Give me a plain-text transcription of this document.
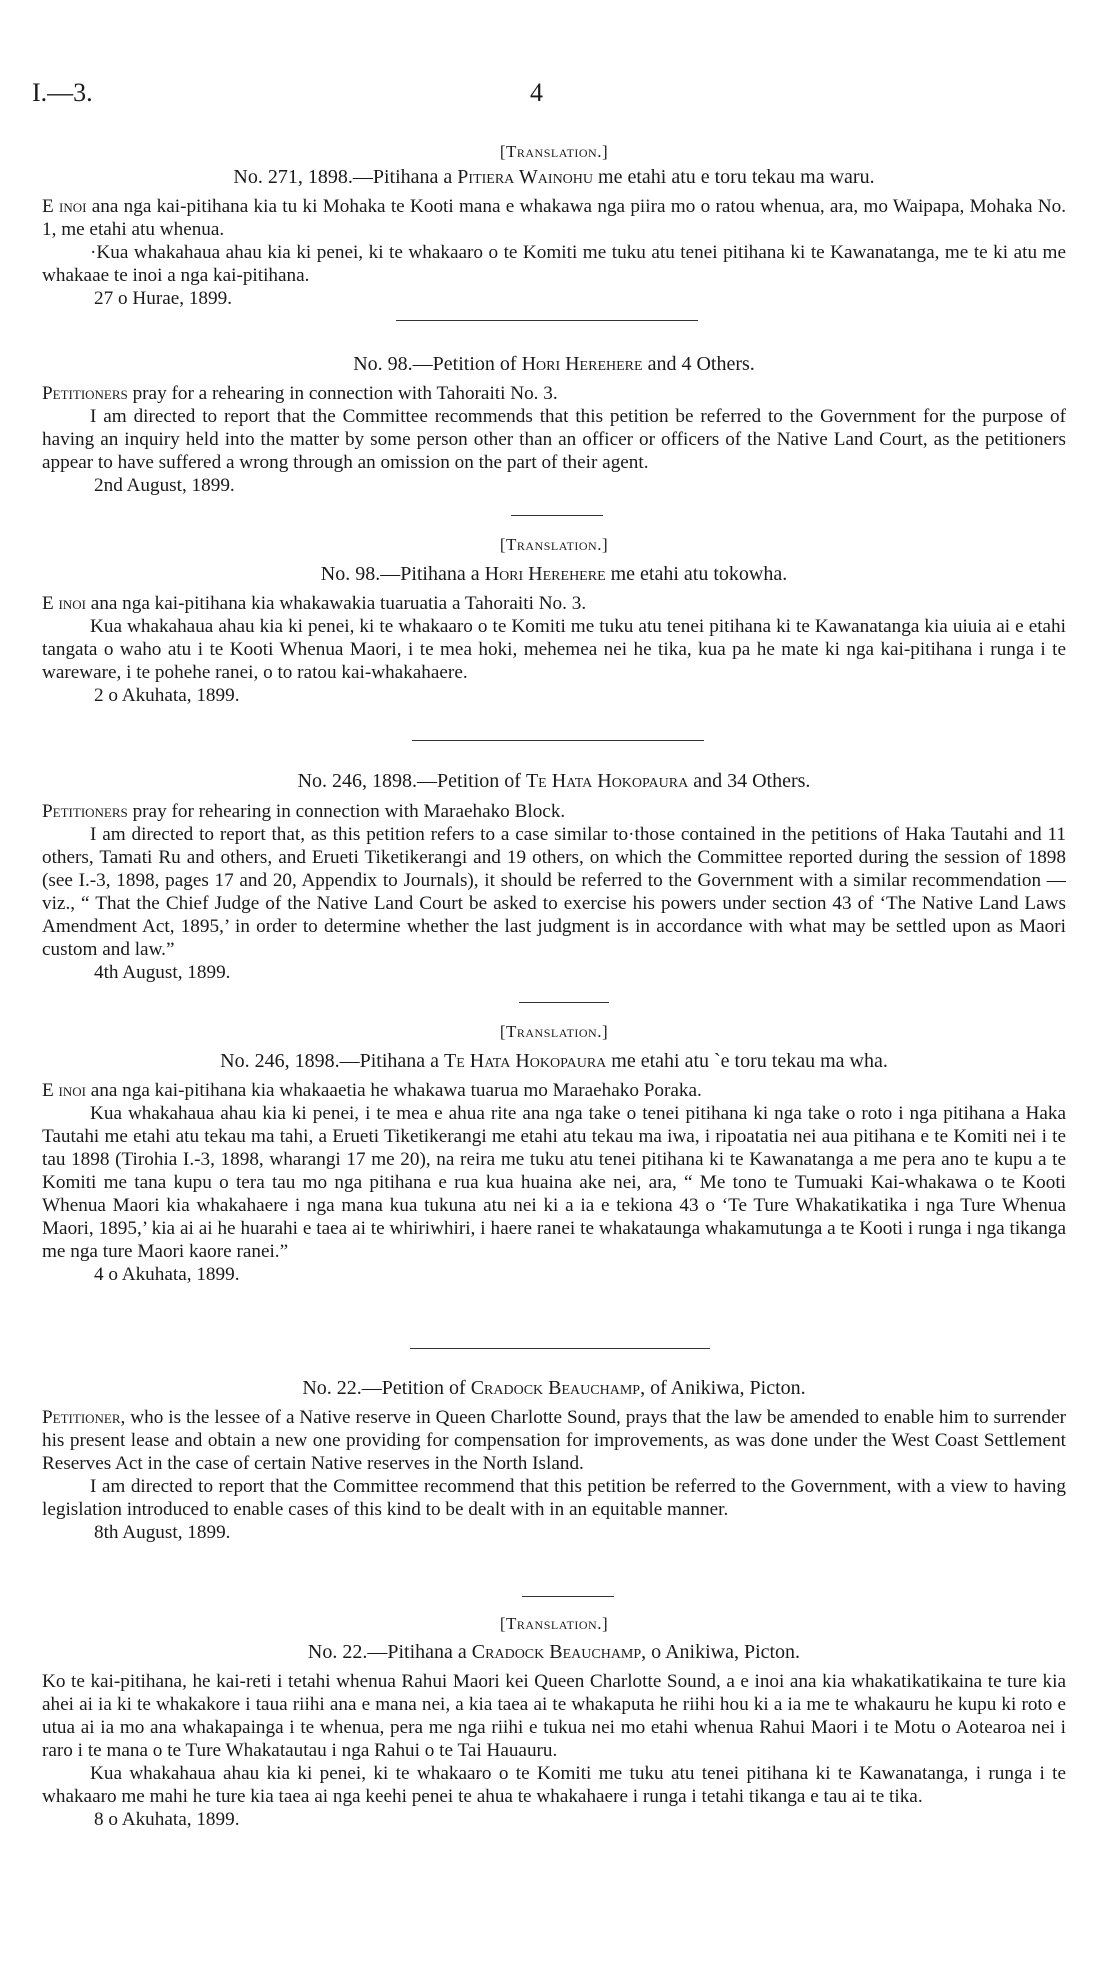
I.—3.	4
[Translation.]
No. 271, 1898.—Pitihana a Pitiera Wainohu me etahi atu e toru tekau ma waru.

E inoi ana nga kai-pitihana kia tu ki Mohaka te Kooti mana e whakawa nga piira mo o ratou whenua, ara, mo Waipapa, Mohaka No. 1, me etahi atu whenua.

·Kua whakahaua ahau kia ki penei, ki te whakaaro o te Komiti me tuku atu tenei pitihana ki te Kawanatanga, me te ki atu me whakaae te inoi a nga kai-pitihana.

27 o Hurae, 1899.
No. 98.—Petition of Hori Herehere and 4 Others.

Petitioners pray for a rehearing in connection with Tahoraiti No. 3.

I am directed to report that the Committee recommends that this petition be referred to the Government for the purpose of having an inquiry held into the matter by some person other than an officer or officers of the Native Land Court, as the petitioners appear to have suffered a wrong through an omission on the part of their agent.

2nd August, 1899.
[Translation.]
No. 98.—Pitihana a Hori Herehere me etahi atu tokowha.

E inoi ana nga kai-pitihana kia whakawakia tuaruatia a Tahoraiti No. 3.

Kua whakahaua ahau kia ki penei, ki te whakaaro o te Komiti me tuku atu tenei pitihana ki te Kawanatanga kia uiuia ai e etahi tangata o waho atu i te Kooti Whenua Maori, i te mea hoki, mehemea nei he tika, kua pa he mate ki nga kai-pitihana i runga i te wareware, i te pohehe ranei, o to ratou kai-whakahaere.

2 o Akuhata, 1899.
No. 246, 1898.—Petition of Te Hata Hokopaura and 34 Others.

Petitioners pray for rehearing in connection with Maraehako Block.

I am directed to report that, as this petition refers to a case similar to·those contained in the petitions of Haka Tautahi and 11 others, Tamati Ru and others, and Erueti Tiketikerangi and 19 others, on which the Committee reported during the session of 1898 (see I.-3, 1898, pages 17 and 20, Appendix to Journals), it should be referred to the Government with a similar recommendation —viz., “ That the Chief Judge of the Native Land Court be asked to exercise his powers under section 43 of ‘The Native Land Laws Amendment Act, 1895,’ in order to determine whether the last judgment is in accordance with what may be settled upon as Maori custom and law.”

4th August, 1899.
[Translation.]
No. 246, 1898.—Pitihana a Te Hata Hokopaura me etahi atu ˋe toru tekau ma wha.

E inoi ana nga kai-pitihana kia whakaaetia he whakawa tuarua mo Maraehako Poraka.

Kua whakahaua ahau kia ki penei, i te mea e ahua rite ana nga take o tenei pitihana ki nga take o roto i nga pitihana a Haka Tautahi me etahi atu tekau ma tahi, a Erueti Tiketikerangi me etahi atu tekau ma iwa, i ripoatatia nei aua pitihana e te Komiti nei i te tau 1898 (Tirohia I.-3, 1898, wharangi 17 me 20), na reira me tuku atu tenei pitihana ki te Kawanatanga a me pera ano te kupu a te Komiti me tana kupu o tera tau mo nga pitihana e rua kua huaina ake nei, ara, “ Me tono te Tumuaki Kai-whakawa o te Kooti Whenua Maori kia whakahaere i nga mana kua tukuna atu nei ki a ia e tekiona 43 o ‘Te Ture Whakatikatika i nga Ture Whenua Maori, 1895,’ kia ai ai he huarahi e taea ai te whiriwhiri, i haere ranei te whakataunga whakamutunga a te Kooti i runga i nga tikanga me nga ture Maori kaore ranei.”

4 o Akuhata, 1899.
No. 22.—Petition of Cradock Beauchamp, of Anikiwa, Picton.

Petitioner, who is the lessee of a Native reserve in Queen Charlotte Sound, prays that the law be amended to enable him to surrender his present lease and obtain a new one providing for compensation for improvements, as was done under the West Coast Settlement Reserves Act in the case of certain Native reserves in the North Island.

I am directed to report that the Committee recommend that this petition be referred to the Government, with a view to having legislation introduced to enable cases of this kind to be dealt with in an equitable manner.

8th August, 1899.
[Translation.]
No. 22.—Pitihana a Cradock Beauchamp, o Anikiwa, Picton.

Ko te kai-pitihana, he kai-reti i tetahi whenua Rahui Maori kei Queen Charlotte Sound, a e inoi ana kia whakatikatikaina te ture kia ahei ai ia ki te whakakore i taua riihi ana e mana nei, a kia taea ai te whakaputa he riihi hou ki a ia me te whakauru he kupu ki roto e utua ai ia mo ana whakapainga i te whenua, pera me nga riihi e tukua nei mo etahi whenua Rahui Maori i te Motu o Aotearoa nei i raro i te mana o te Ture Whakatautau i nga Rahui o te Tai Hauauru.

Kua whakahaua ahau kia ki penei, ki te whakaaro o te Komiti me tuku atu tenei pitihana ki te Kawanatanga, i runga i te whakaaro me mahi he ture kia taea ai nga keehi penei te ahua te whakahaere i runga i tetahi tikanga e tau ai te tika.

8 o Akuhata, 1899.
